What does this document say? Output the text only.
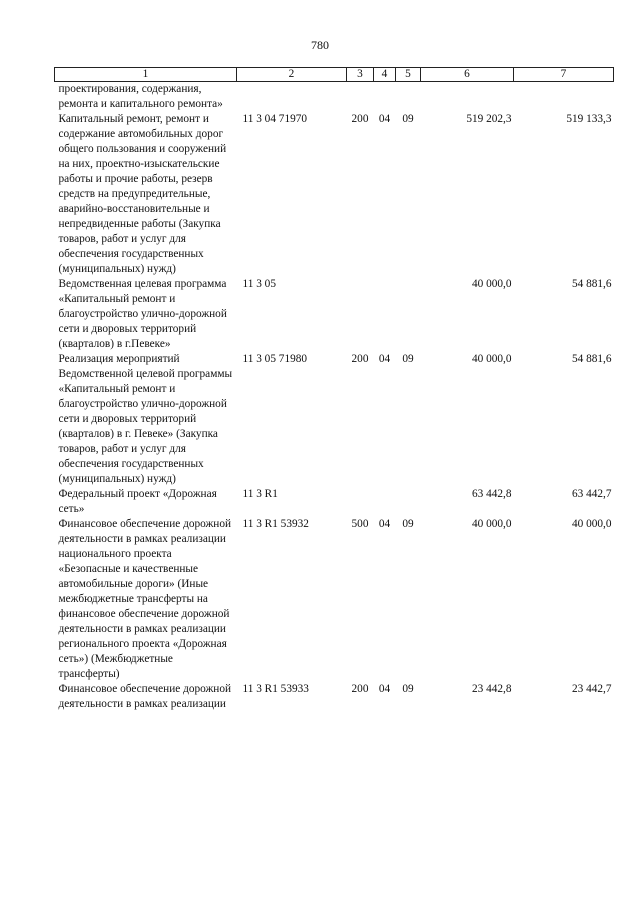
780
1	2	3	4	5	6	7
проектирования, содержания, ремонта и капитального ремонта»						
Капитальный ремонт, ремонт и содержание автомобильных дорог общего пользования и сооружений на них, проектно-изыскательские работы и прочие работы, резерв средств на предупредительные, аварийно-восстановительные и непредвиденные работы (Закупка товаров, работ и услуг для обеспечения государственных (муниципальных) нужд)	11 3 04 71970	200	04	09	519 202,3	519 133,3
Ведомственная целевая программа «Капитальный ремонт и благоустройство улично-дорожной сети и дворовых территорий (кварталов) в г.Певеке»	11 3 05				40 000,0	54 881,6
Реализация мероприятий Ведомственной целевой программы «Капитальный ремонт и благоустройство улично-дорожной сети и дворовых территорий (кварталов) в г. Певеке» (Закупка товаров, работ и услуг для обеспечения государственных (муниципальных) нужд)	11 3 05 71980	200	04	09	40 000,0	54 881,6
Федеральный проект «Дорожная сеть»	11 3 R1				63 442,8	63 442,7
Финансовое обеспечение дорожной деятельности в рамках реализации национального проекта «Безопасные и качественные автомобильные дороги» (Иные межбюджетные трансферты на финансовое обеспечение дорожной деятельности в рамках реализации регионального проекта «Дорожная сеть») (Межбюджетные трансферты)	11 3 R1 53932	500	04	09	40 000,0	40 000,0
Финансовое обеспечение дорожной деятельности в рамках реализации	11 3 R1 53933	200	04	09	23 442,8	23 442,7
